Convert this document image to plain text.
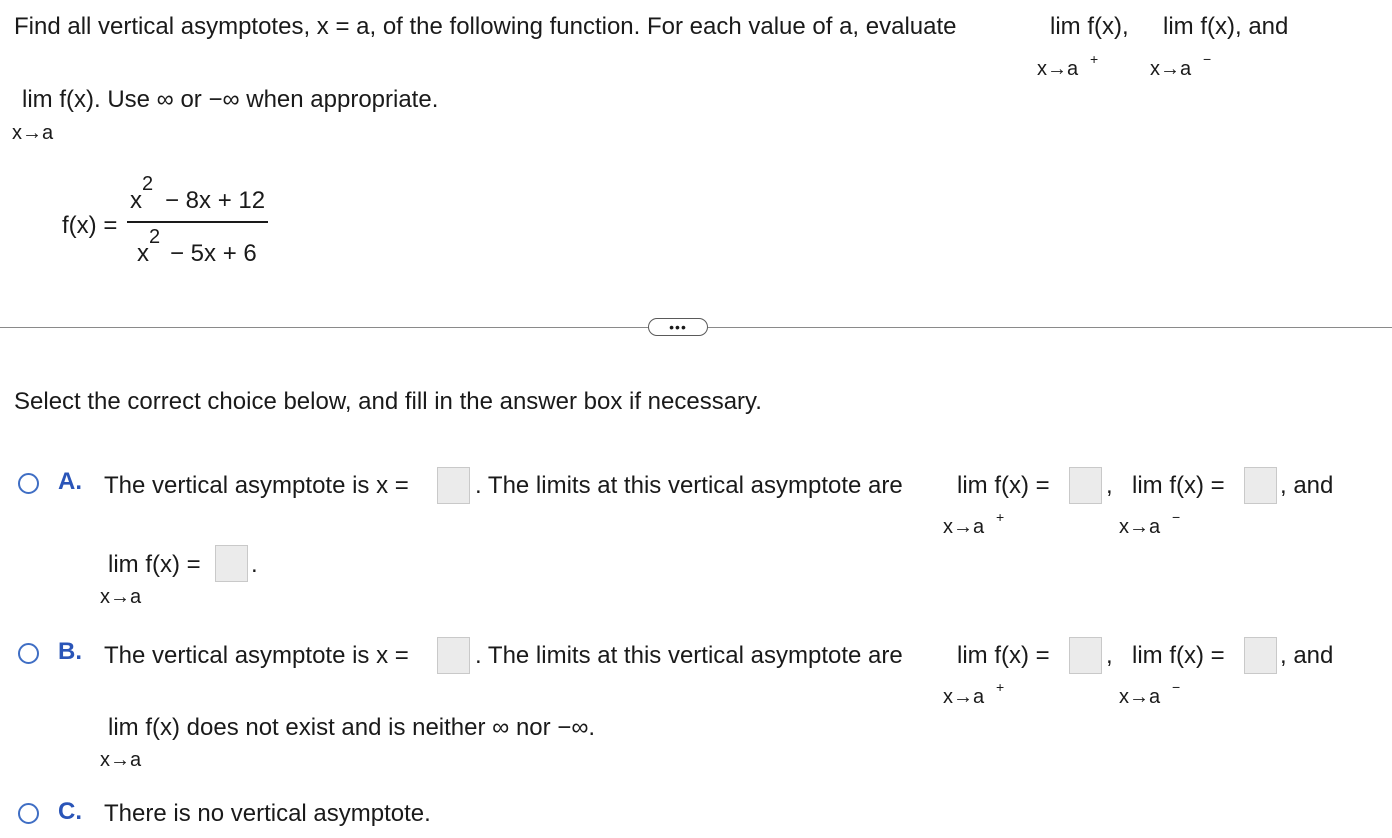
Find all vertical asymptotes, x = a, of the following function. For each value of a, evaluate	lim f(x), lim f(x), and
x→a +	x→a −
lim f(x). Use ∞ or −∞ when appropriate.
x→a
f(x) =
x
2
− 8x + 12
x
2
− 5x + 6
•••
Select the correct choice below, and fill in the answer box if necessary.
A. The vertical asymptote is x =	. The limits at this vertical asymptote are lim f(x) =
x→a +
, lim f(x) =
x→a −
, and
lim f(x) =
x→a
.
B. The vertical asymptote is x =	. The limits at this vertical asymptote are lim f(x) =
x→a +
, lim f(x) =
x→a −
, and
lim f(x) does not exist and is neither ∞ nor −∞.
x→a
C. There is no vertical asymptote.
